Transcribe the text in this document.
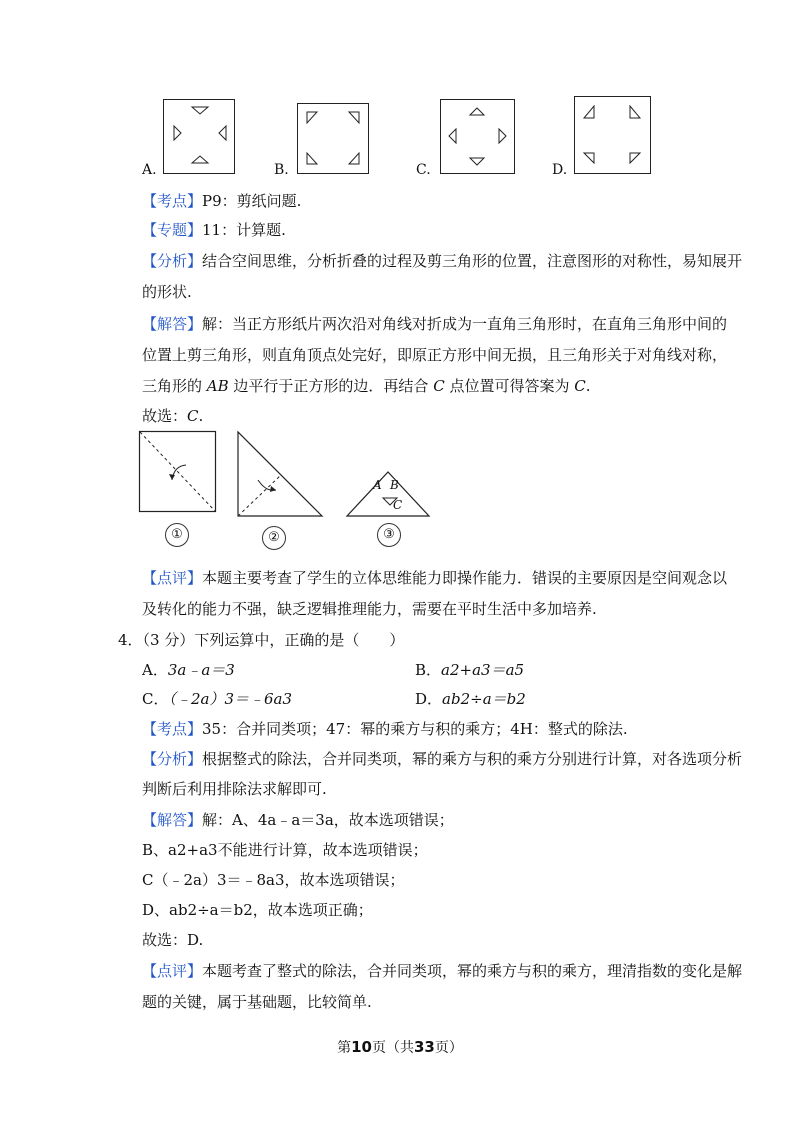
A.	B.	C.	D.
【考点】P9：剪纸问题.
【专题】11：计算题.
【分析】结合空间思维，分析折叠的过程及剪三角形的位置，注意图形的对称性，易知展开
的形状.
【解答】解：当正方形纸片两次沿对角线对折成为一直角三角形时，在直角三角形中间的
位置上剪三角形，则直角顶点处完好，即原正方形中间无损，且三角形关于对角线对称，
三角形的 AB 边平行于正方形的边．再结合 C 点位置可得答案为 C.
故选：C.
①	②
A B
C
③
【点评】本题主要考查了学生的立体思维能力即操作能力．错误的主要原因是空间观念以
及转化的能力不强，缺乏逻辑推理能力，需要在平时生活中多加培养.
4．（3 分）下列运算中，正确的是（　　）
A．3a﹣a＝3	B．a2+a3＝a5
C．（﹣2a）3＝﹣6a3	D．ab2÷a＝b2
【考点】35：合并同类项；47：幂的乘方与积的乘方；4H：整式的除法.
【分析】根据整式的除法，合并同类项，幂的乘方与积的乘方分别进行计算，对各选项分析
判断后利用排除法求解即可.
【解答】解：A、4a﹣a＝3a，故本选项错误；
B、a2+a3不能进行计算，故本选项错误；
C（﹣2a）3＝﹣8a3，故本选项错误；
D、ab2÷a＝b2，故本选项正确；
故选：D.
【点评】本题考查了整式的除法，合并同类项，幂的乘方与积的乘方，理清指数的变化是解
题的关键，属于基础题，比较简单.
第10页（共33页）
